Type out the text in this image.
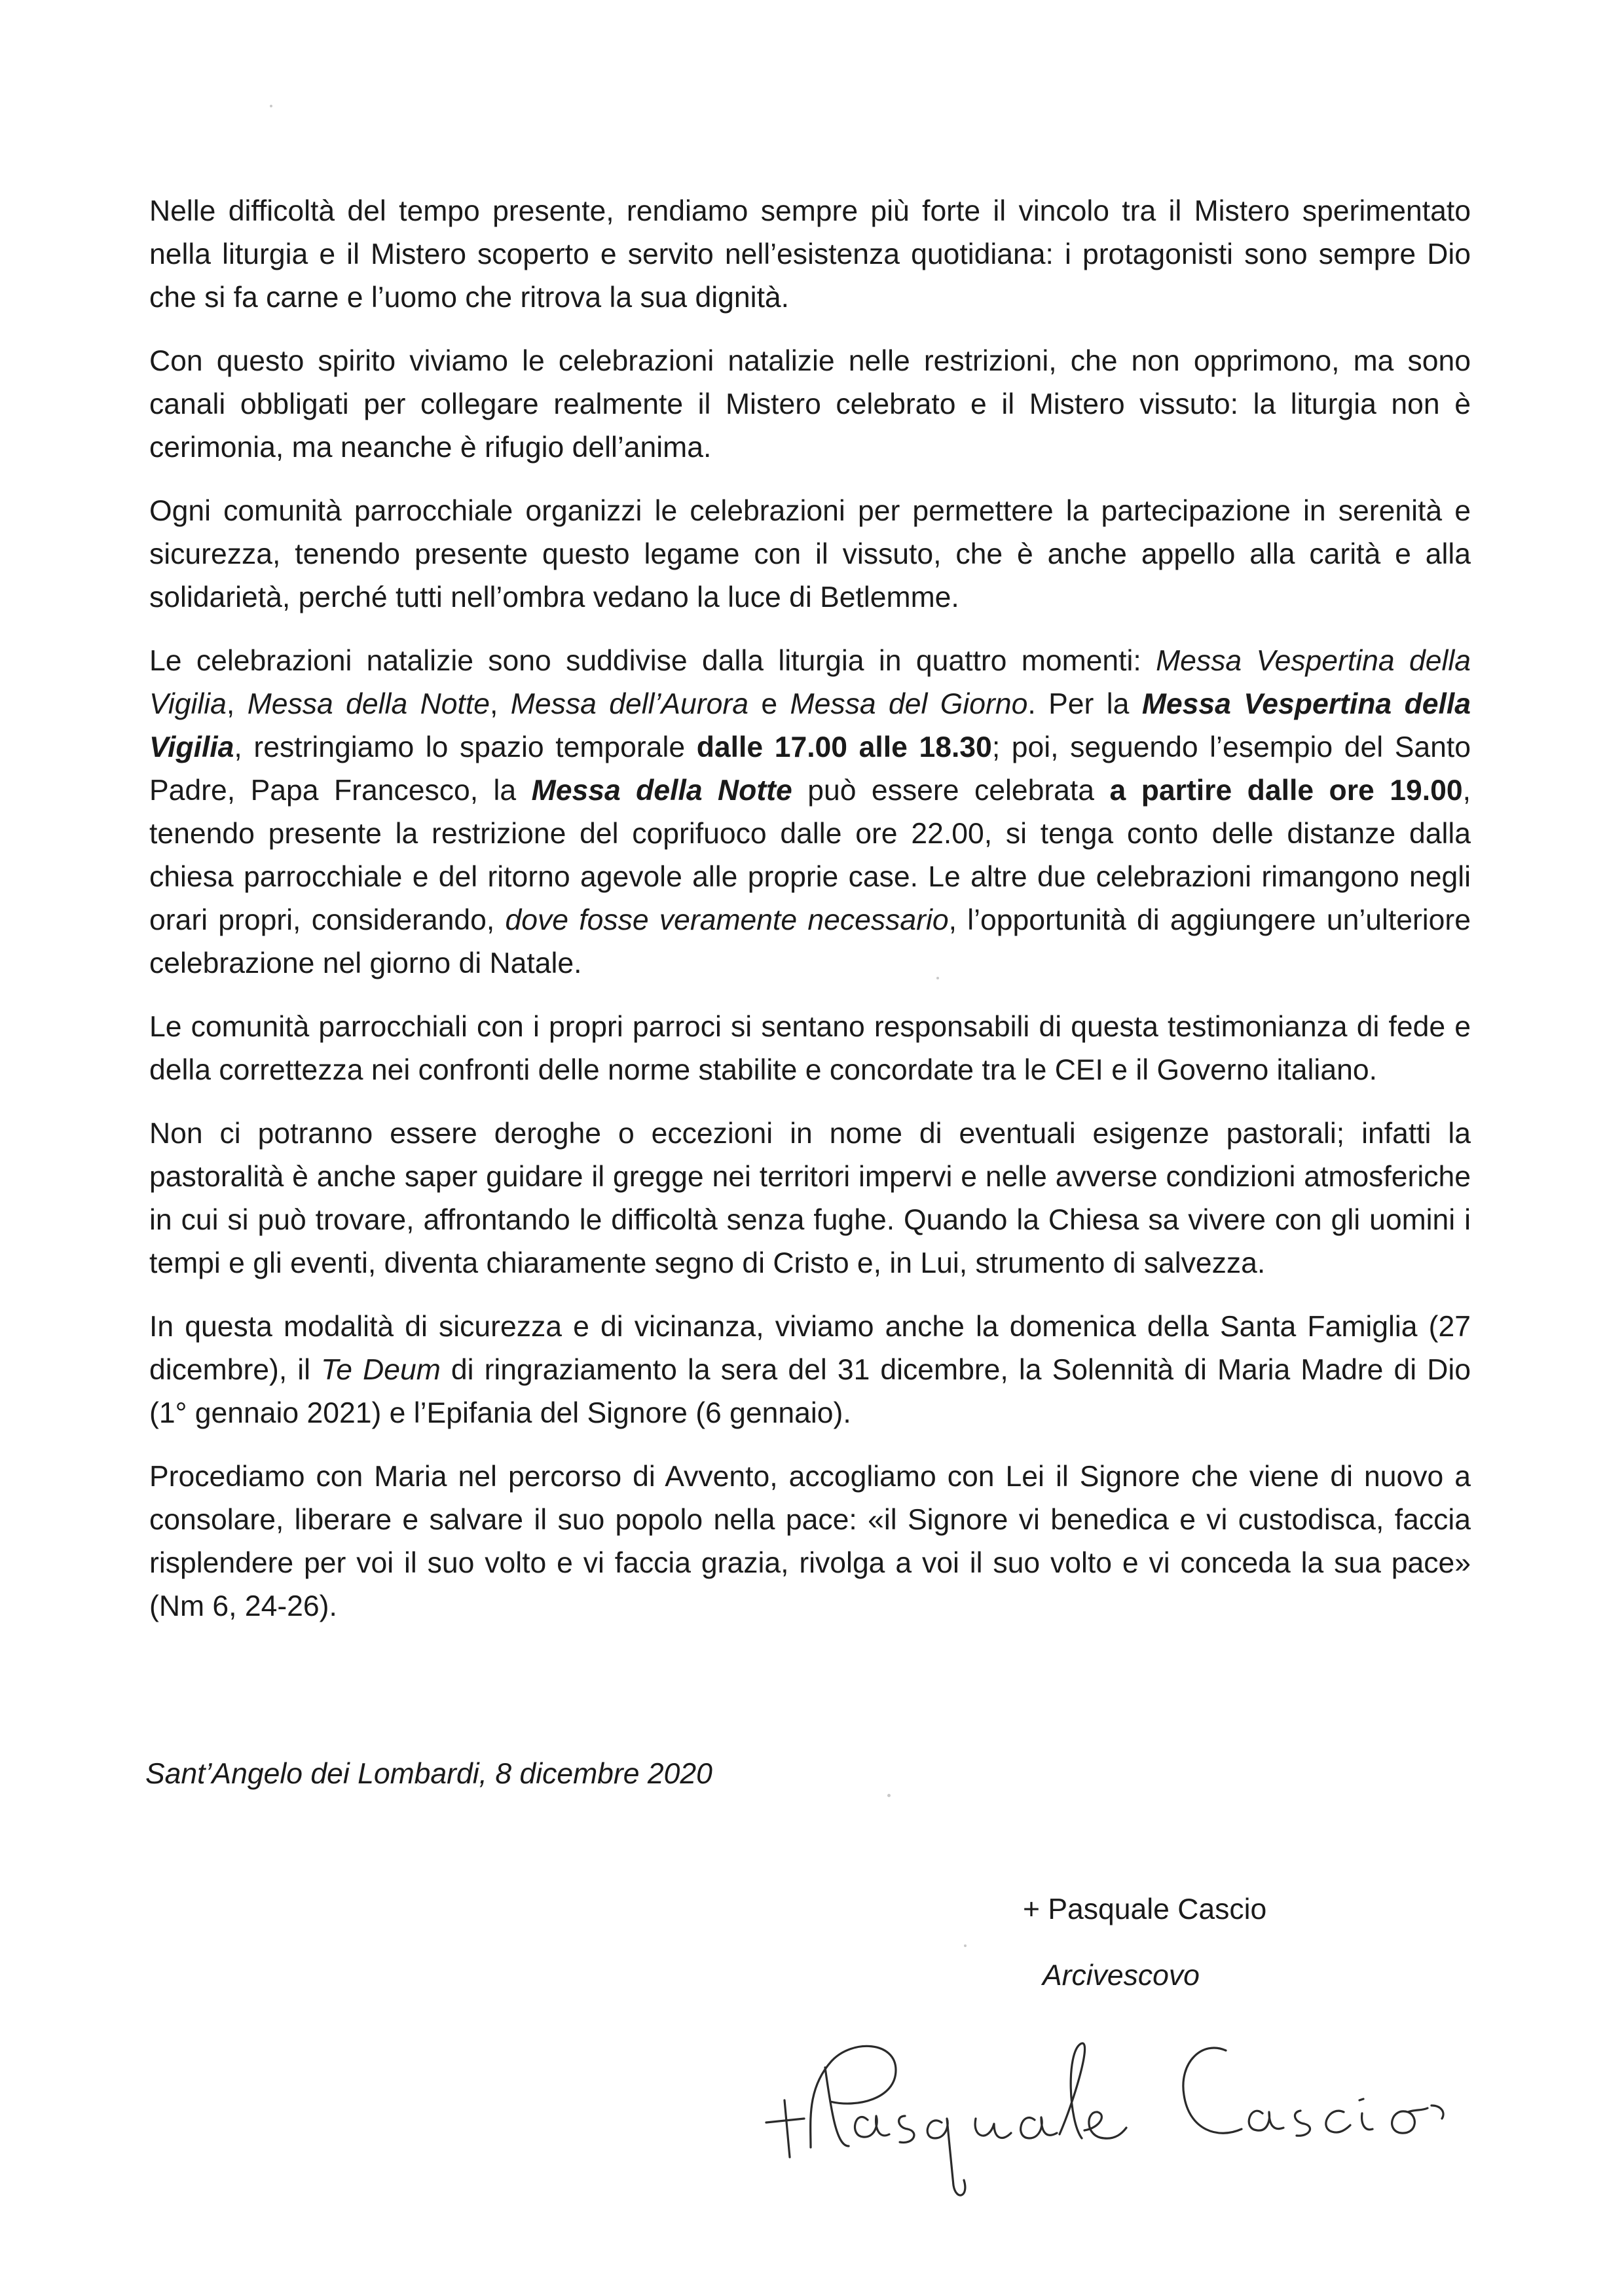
Nelle difficoltà del tempo presente, rendiamo sempre più forte il vincolo tra il Mistero sperimentato nella liturgia e il Mistero scoperto e servito nell’esistenza quotidiana: i protagonisti sono sempre Dio che si fa carne e l’uomo che ritrova la sua dignità.

Con questo spirito viviamo le celebrazioni natalizie nelle restrizioni, che non opprimono, ma sono canali obbligati per collegare realmente il Mistero celebrato e il Mistero vissuto: la liturgia non è cerimonia, ma neanche è rifugio dell’anima.

Ogni comunità parrocchiale organizzi le celebrazioni per permettere la partecipazione in serenità e sicurezza, tenendo presente questo legame con il vissuto, che è anche appello alla carità e alla solidarietà, perché tutti nell’ombra vedano la luce di Betlemme.

Le celebrazioni natalizie sono suddivise dalla liturgia in quattro momenti: Messa Vespertina della Vigilia, Messa della Notte, Messa dell’Aurora e Messa del Giorno. Per la Messa Vespertina della Vigilia, restringiamo lo spazio temporale dalle 17.00 alle 18.30; poi, seguendo l’esempio del Santo Padre, Papa Francesco, la Messa della Notte può essere celebrata a partire dalle ore 19.00, tenendo presente la restrizione del coprifuoco dalle ore 22.00, si tenga conto delle distanze dalla chiesa parrocchiale e del ritorno agevole alle proprie case. Le altre due celebrazioni rimangono negli orari propri, considerando, dove fosse veramente necessario, l’opportunità di aggiungere un’ulteriore celebrazione nel giorno di Natale.

Le comunità parrocchiali con i propri parroci si sentano responsabili di questa testimonianza di fede e della correttezza nei confronti delle norme stabilite e concordate tra le CEI e il Governo italiano.

Non ci potranno essere deroghe o eccezioni in nome di eventuali esigenze pastorali; infatti la pastoralità è anche saper guidare il gregge nei territori impervi e nelle avverse condizioni atmosferiche in cui si può trovare, affrontando le difficoltà senza fughe. Quando la Chiesa sa vivere con gli uomini i tempi e gli eventi, diventa chiaramente segno di Cristo e, in Lui, strumento di salvezza.

In questa modalità di sicurezza e di vicinanza, viviamo anche la domenica della Santa Famiglia (27 dicembre), il Te Deum di ringraziamento la sera del 31 dicembre, la Solennità di Maria Madre di Dio (1° gennaio 2021) e l’Epifania del Signore (6 gennaio).

Procediamo con Maria nel percorso di Avvento, accogliamo con Lei il Signore che viene di nuovo a consolare, liberare e salvare il suo popolo nella pace: «il Signore vi benedica e vi custodisca, faccia risplendere per voi il suo volto e vi faccia grazia, rivolga a voi il suo volto e vi conceda la sua pace» (Nm 6, 24-26).

Sant’Angelo dei Lombardi, 8 dicembre 2020
+ Pasquale Cascio
Arcivescovo
